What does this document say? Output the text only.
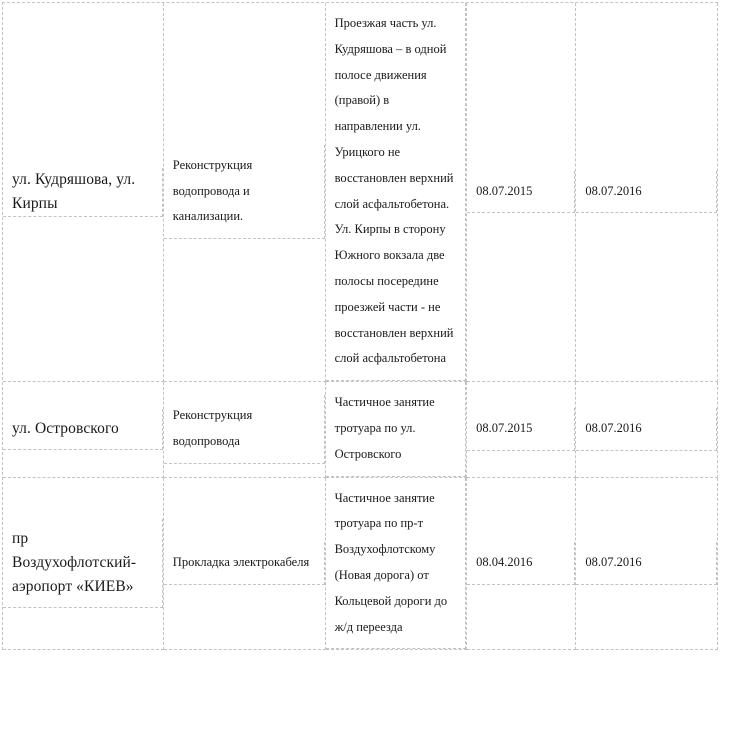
ул. Кудряшова, ул. Кирпы	Реконструкция водопровода и канализации.	Проезжая часть ул. Кудряшова – в одной полосе движения (правой) в направлении ул. Урицкого не восстановлен верхний слой асфальтобетона. Ул. Кирпы в сторону Южного вокзала две полосы посередине проезжей части - не восстановлен верхний слой асфальтобетона	08.07.2015	08.07.2016

ул. Островского	Реконструкция водопровода	Частичное занятие тротуара по ул. Островского	08.07.2015	08.07.2016

пр Воздухофлотский-аэропорт «КИЕВ»	Прокладка электрокабеля	Частичное занятие тротуара по пр-т Воздухофлотскому (Новая дорога) от Кольцевой дороги до ж/д переезда	08.04.2016	08.07.2016
